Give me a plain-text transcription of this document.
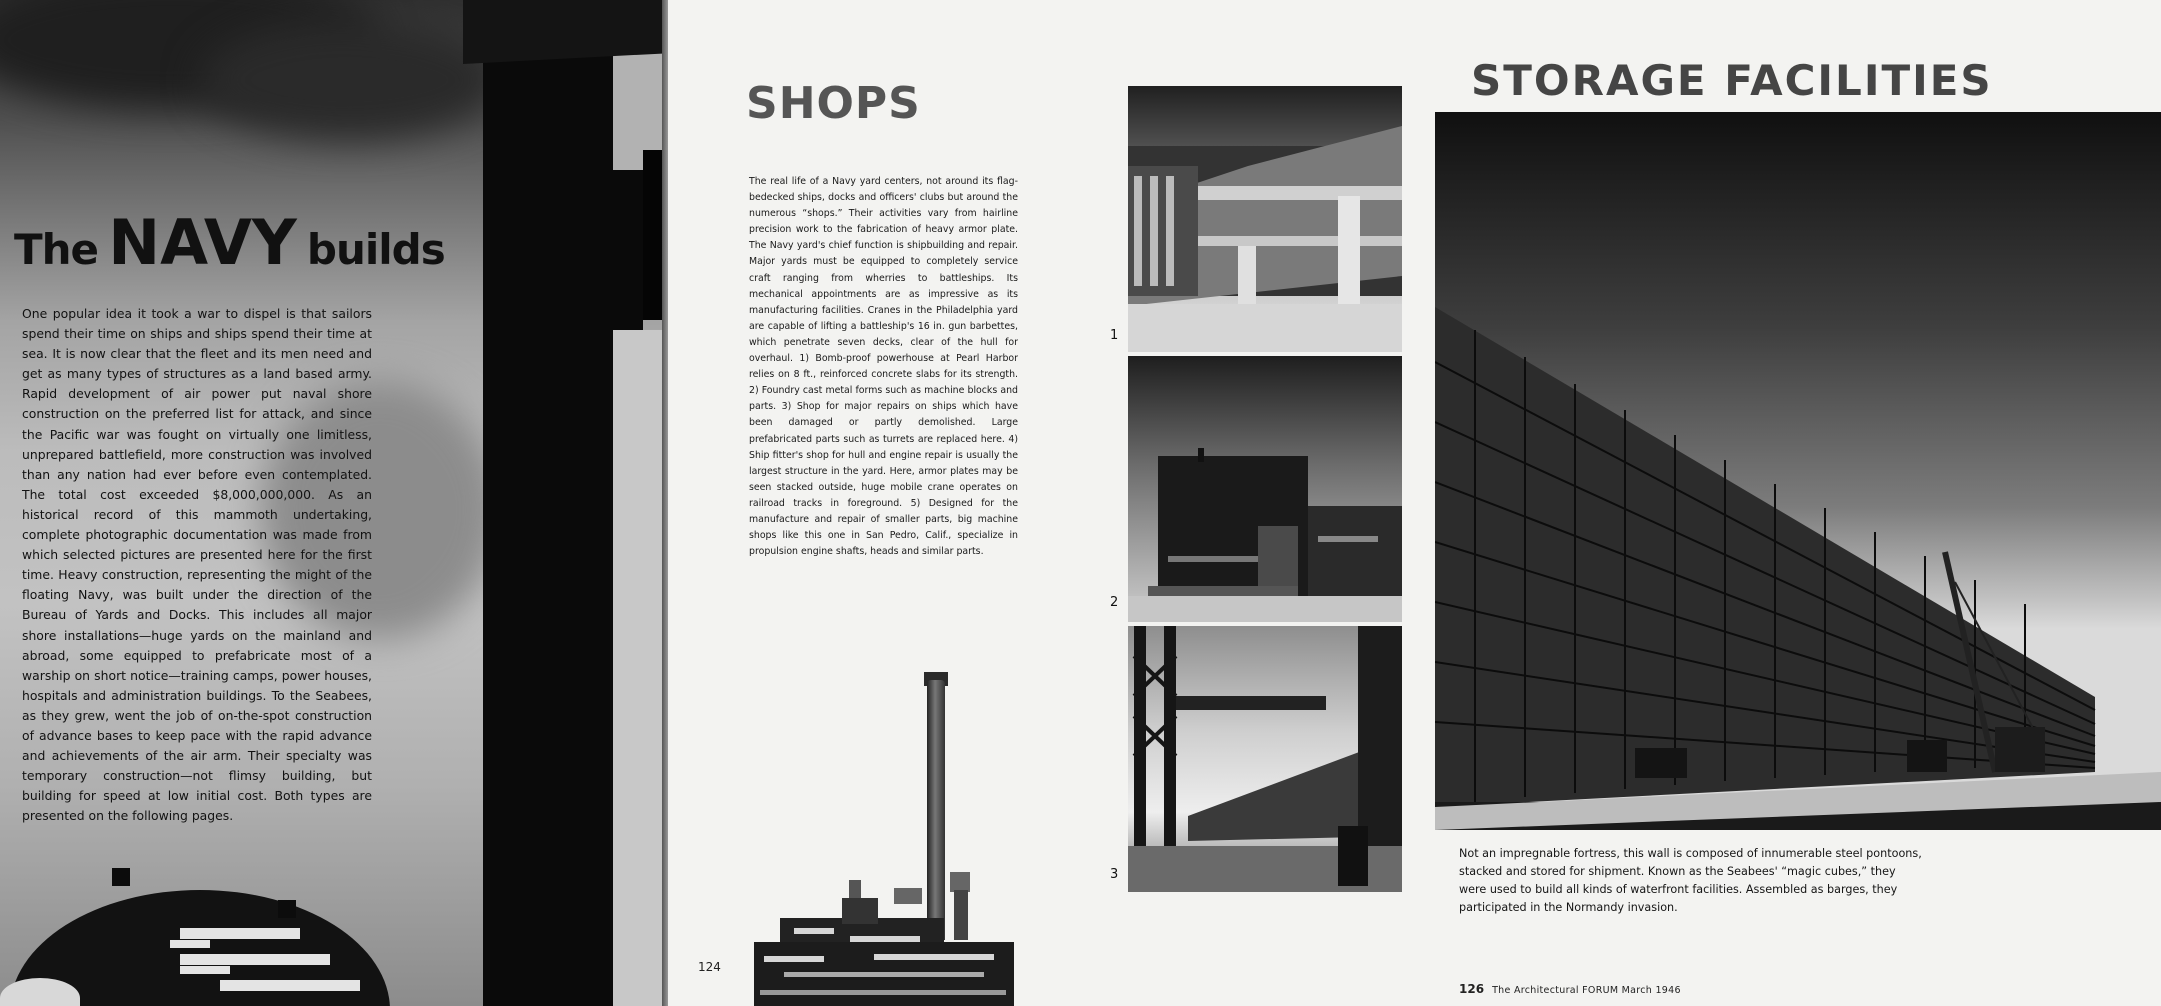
The NAVY builds

One popular idea it took a war to dispel is that sailors spend their time on ships and ships spend their time at sea. It is now clear that the fleet and its men need and get as many types of structures as a land based army. Rapid development of air power put naval shore construction on the preferred list for attack, and since the Pacific war was fought on virtually one limitless, unprepared battlefield, more construction was involved than any nation had ever before even contemplated. The total cost exceeded $8,000,000,000. As an historical record of this mammoth undertaking, complete photographic documentation was made from which selected pictures are presented here for the first time. Heavy construction, representing the might of the floating Navy, was built under the direction of the Bureau of Yards and Docks. This includes all major shore installations—huge yards on the mainland and abroad, some equipped to prefabricate most of a warship on short notice—training camps, power houses, hospitals and administration buildings. To the Seabees, as they grew, went the job of on-the-spot construction of advance bases to keep pace with the rapid advance and achievements of the air arm. Their specialty was temporary construction—not flimsy building, but building for speed at low initial cost. Both types are presented on the following pages.

SHOPS

The real life of a Navy yard centers, not around its flag-bedecked ships, docks and officers' clubs but around the numerous “shops.” Their activities vary from hairline precision work to the fabrication of heavy armor plate. The Navy yard's chief function is shipbuilding and repair. Major yards must be equipped to completely service craft ranging from wherries to battleships. Its mechanical appointments are as impressive as its manufacturing facilities. Cranes in the Philadelphia yard are capable of lifting a battleship's 16 in. gun barbettes, which penetrate seven decks, clear of the hull for overhaul. 1) Bomb-proof powerhouse at Pearl Harbor relies on 8 ft., reinforced concrete slabs for its strength. 2) Foundry cast metal forms such as machine blocks and parts. 3) Shop for major repairs on ships which have been damaged or partly demolished. Large prefabricated parts such as turrets are replaced here. 4) Ship fitter's shop for hull and engine repair is usually the largest structure in the yard. Here, armor plates may be seen stacked outside, huge mobile crane operates on railroad tracks in foreground. 5) Designed for the manufacture and repair of smaller parts, big machine shops like this one in San Pedro, Calif., specialize in propulsion engine shafts, heads and similar parts.

124
1
2
3
STORAGE FACILITIES

Not an impregnable fortress, this wall is composed of innumerable steel pontoons, stacked and stored for shipment. Known as the Seabees' “magic cubes,” they were used to build all kinds of waterfront facilities. Assembled as barges, they participated in the Normandy invasion.

126 The Architectural FORUM March 1946
